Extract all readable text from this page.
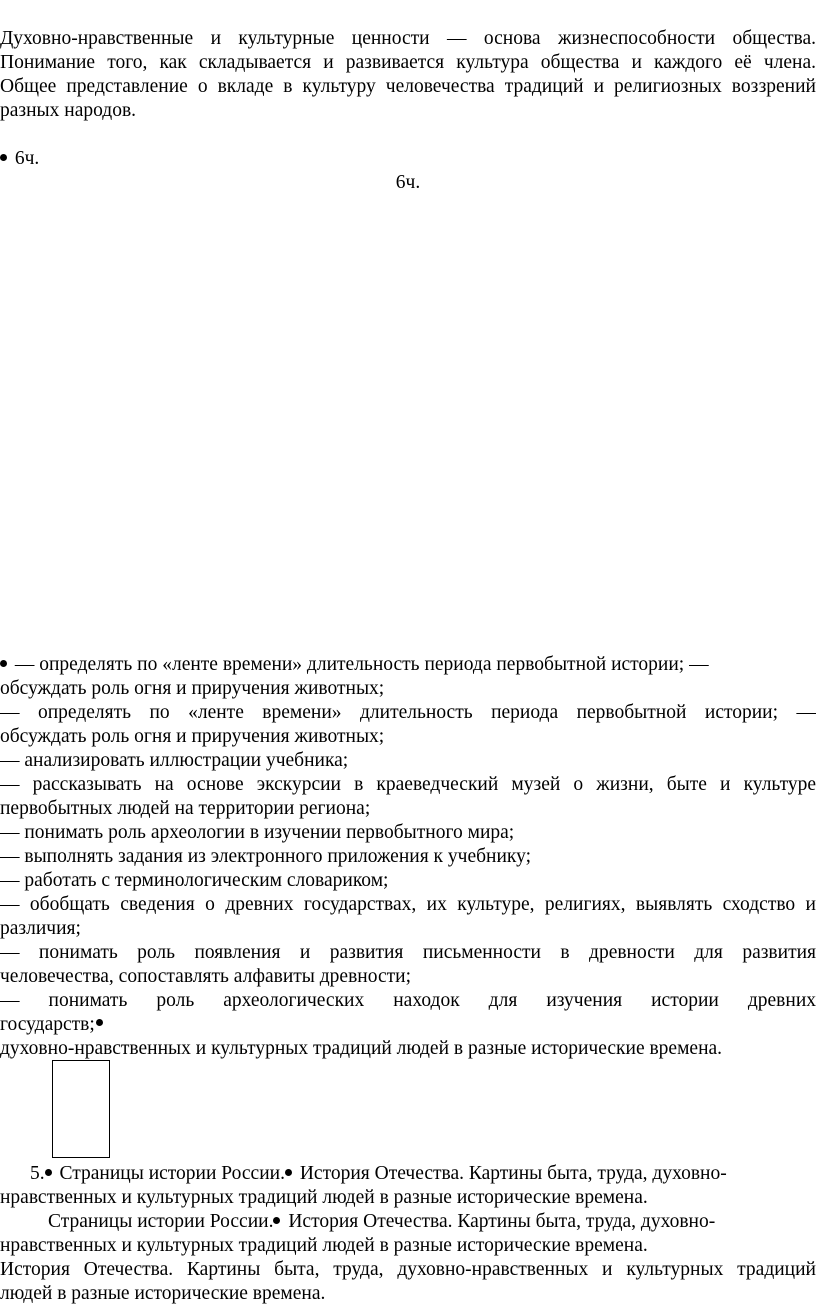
Духовно-нравственные и культурные ценности — основа жизнеспособности общества.

Понимание того, как складывается и развивается культура общества и каждого её члена.

Общее представление о вкладе в культуру человечества традиций и религиозных воззрений

разных народов.

6ч.

6ч.

— определять по «ленте времени» длительность периода первобытной истории; —

обсуждать роль огня и приручения животных;

— определять по «ленте времени» длительность периода первобытной истории; —

обсуждать роль огня и приручения животных;

— анализировать иллюстрации учебника;

— рассказывать на основе экскурсии в краеведческий музей о жизни, быте и культуре

первобытных людей на территории региона;

— понимать роль археологии в изучении первобытного мира;

— выполнять задания из электронного приложения к учебнику;

— работать с терминологическим словариком;

— обобщать сведения о древних государствах, их культуре, религиях, выявлять сходство и

различия;

— понимать роль появления и развития письменности в древности для развития

человечества, сопоставлять алфавиты древности;

— понимать роль археологических находок для изучения истории древних

государств;

духовно-нравственных и культурных традиций людей в разные исторические времена.

5. Страницы истории России. История Отечества. Картины быта, труда, духовно-

нравственных и культурных традиций людей в разные исторические времена.

Страницы истории России. История Отечества. Картины быта, труда, духовно-

нравственных и культурных традиций людей в разные исторические времена.

История Отечества. Картины быта, труда, духовно-нравственных и культурных традиций

людей в разные исторические времена.
